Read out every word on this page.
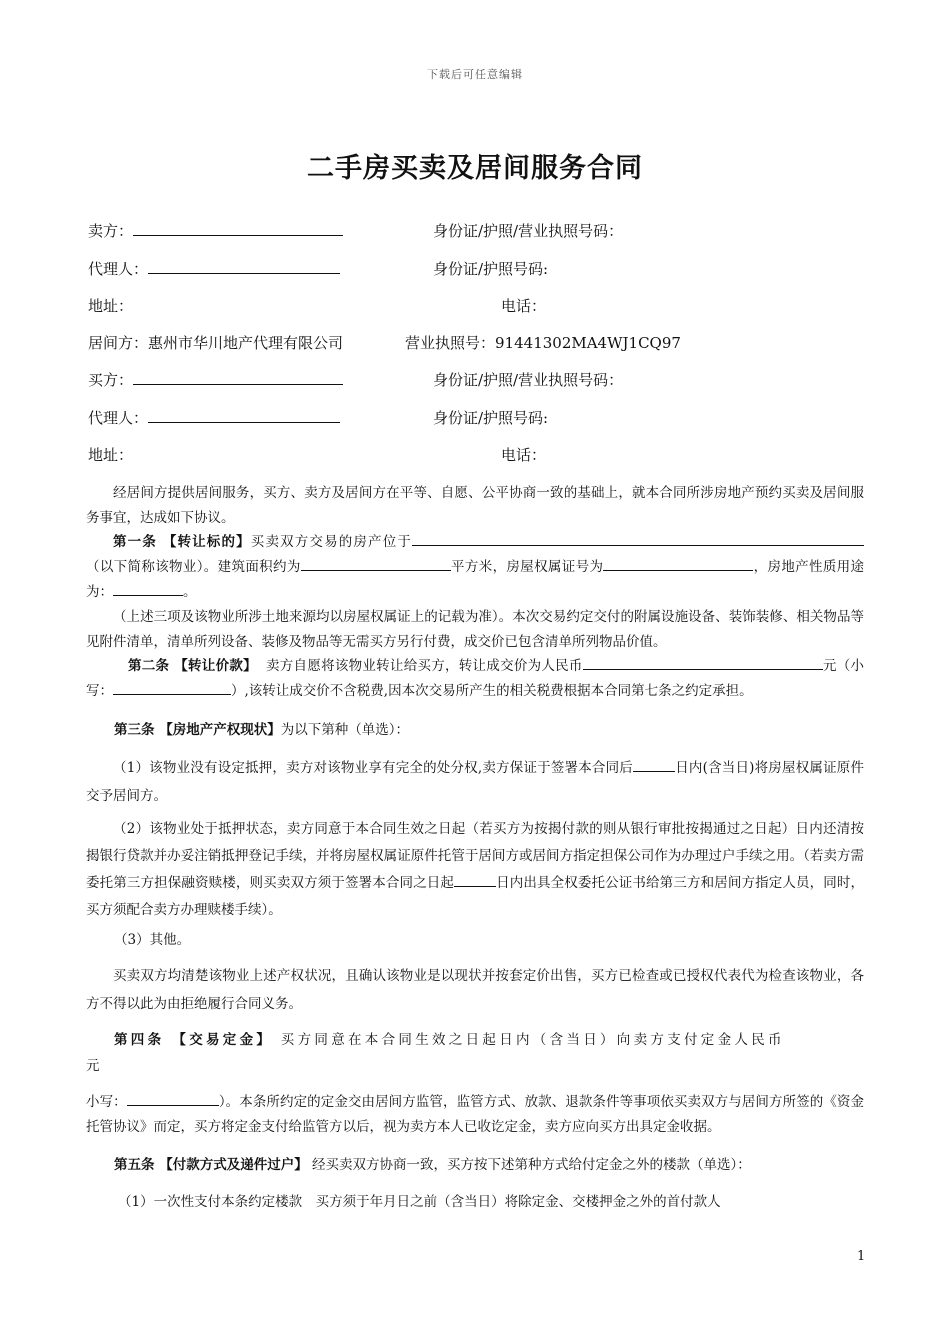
下载后可任意编辑
二手房买卖及居间服务合同
卖方：	身份证/护照/营业执照号码：
代理人：	身份证/护照号码:
地址：	电话：
居间方：惠州市华川地产代理有限公司	营业执照号：91441302MA4WJ1CQ97
买方：	身份证/护照/营业执照号码：
代理人：	身份证/护照号码:
地址：	电话：
经居间方提供居间服务，买方、卖方及居间方在平等、自愿、公平协商一致的基础上，就本合同所涉房地产预约买卖及居间服务事宜，达成如下协议。
第一条 【转让标的】买卖双方交易的房产位于（以下简称该物业）。建筑面积约为	平方米，房屋权属证号为	，房地产性质用途为：	。
（上述三项及该物业所涉土地来源均以房屋权属证上的记载为准）。本次交易约定交付的附属设施设备、装饰装修、相关物品等见附件清单，清单所列设备、装修及物品等无需买方另行付费，成交价已包含清单所列物品价值。
第二条 【转让价款】 卖方自愿将该物业转让给买方，转让成交价为人民币	元（小写：	）,该转让成交价不含税费,因本次交易所产生的相关税费根据本合同第七条之约定承担。
第三条 【房地产产权现状】为以下第种（单选）：
（1）该物业没有设定抵押，卖方对该物业享有完全的处分权,卖方保证于签署本合同后	日内(含当日)将房屋权属证原件交予居间方。
（2）该物业处于抵押状态，卖方同意于本合同生效之日起（若买方为按揭付款的则从银行审批按揭通过之日起）日内还清按揭银行贷款并办妥注销抵押登记手续，并将房屋权属证原件托管于居间方或居间方指定担保公司作为办理过户手续之用。（若卖方需委托第三方担保融资赎楼，则买卖双方须于签署本合同之日起	日内出具全权委托公证书给第三方和居间方指定人员，同时，买方须配合卖方办理赎楼手续）。
（3）其他。
买卖双方均清楚该物业上述产权状况，且确认该物业是以现状并按套定价出售，买方已检查或已授权代表代为检查该物业，各方不得以此为由拒绝履行合同义务。
第四条 【交易定金】 买方同意在本合同生效之日起日内（含当日）向卖方支付定金人民币
元
小写：	）。本条所约定的定金交由居间方监管，监管方式、放款、退款条件等事项依买卖双方与居间方所签的《资金托管协议》而定，买方将定金支付给监管方以后，视为卖方本人已收讫定金，卖方应向买方出具定金收据。
第五条 【付款方式及递件过户】 经买卖双方协商一致，买方按下述第种方式给付定金之外的楼款（单选）：
（1）一次性支付本条约定楼款　买方须于年月日之前（含当日）将除定金、交楼押金之外的首付款人
1
